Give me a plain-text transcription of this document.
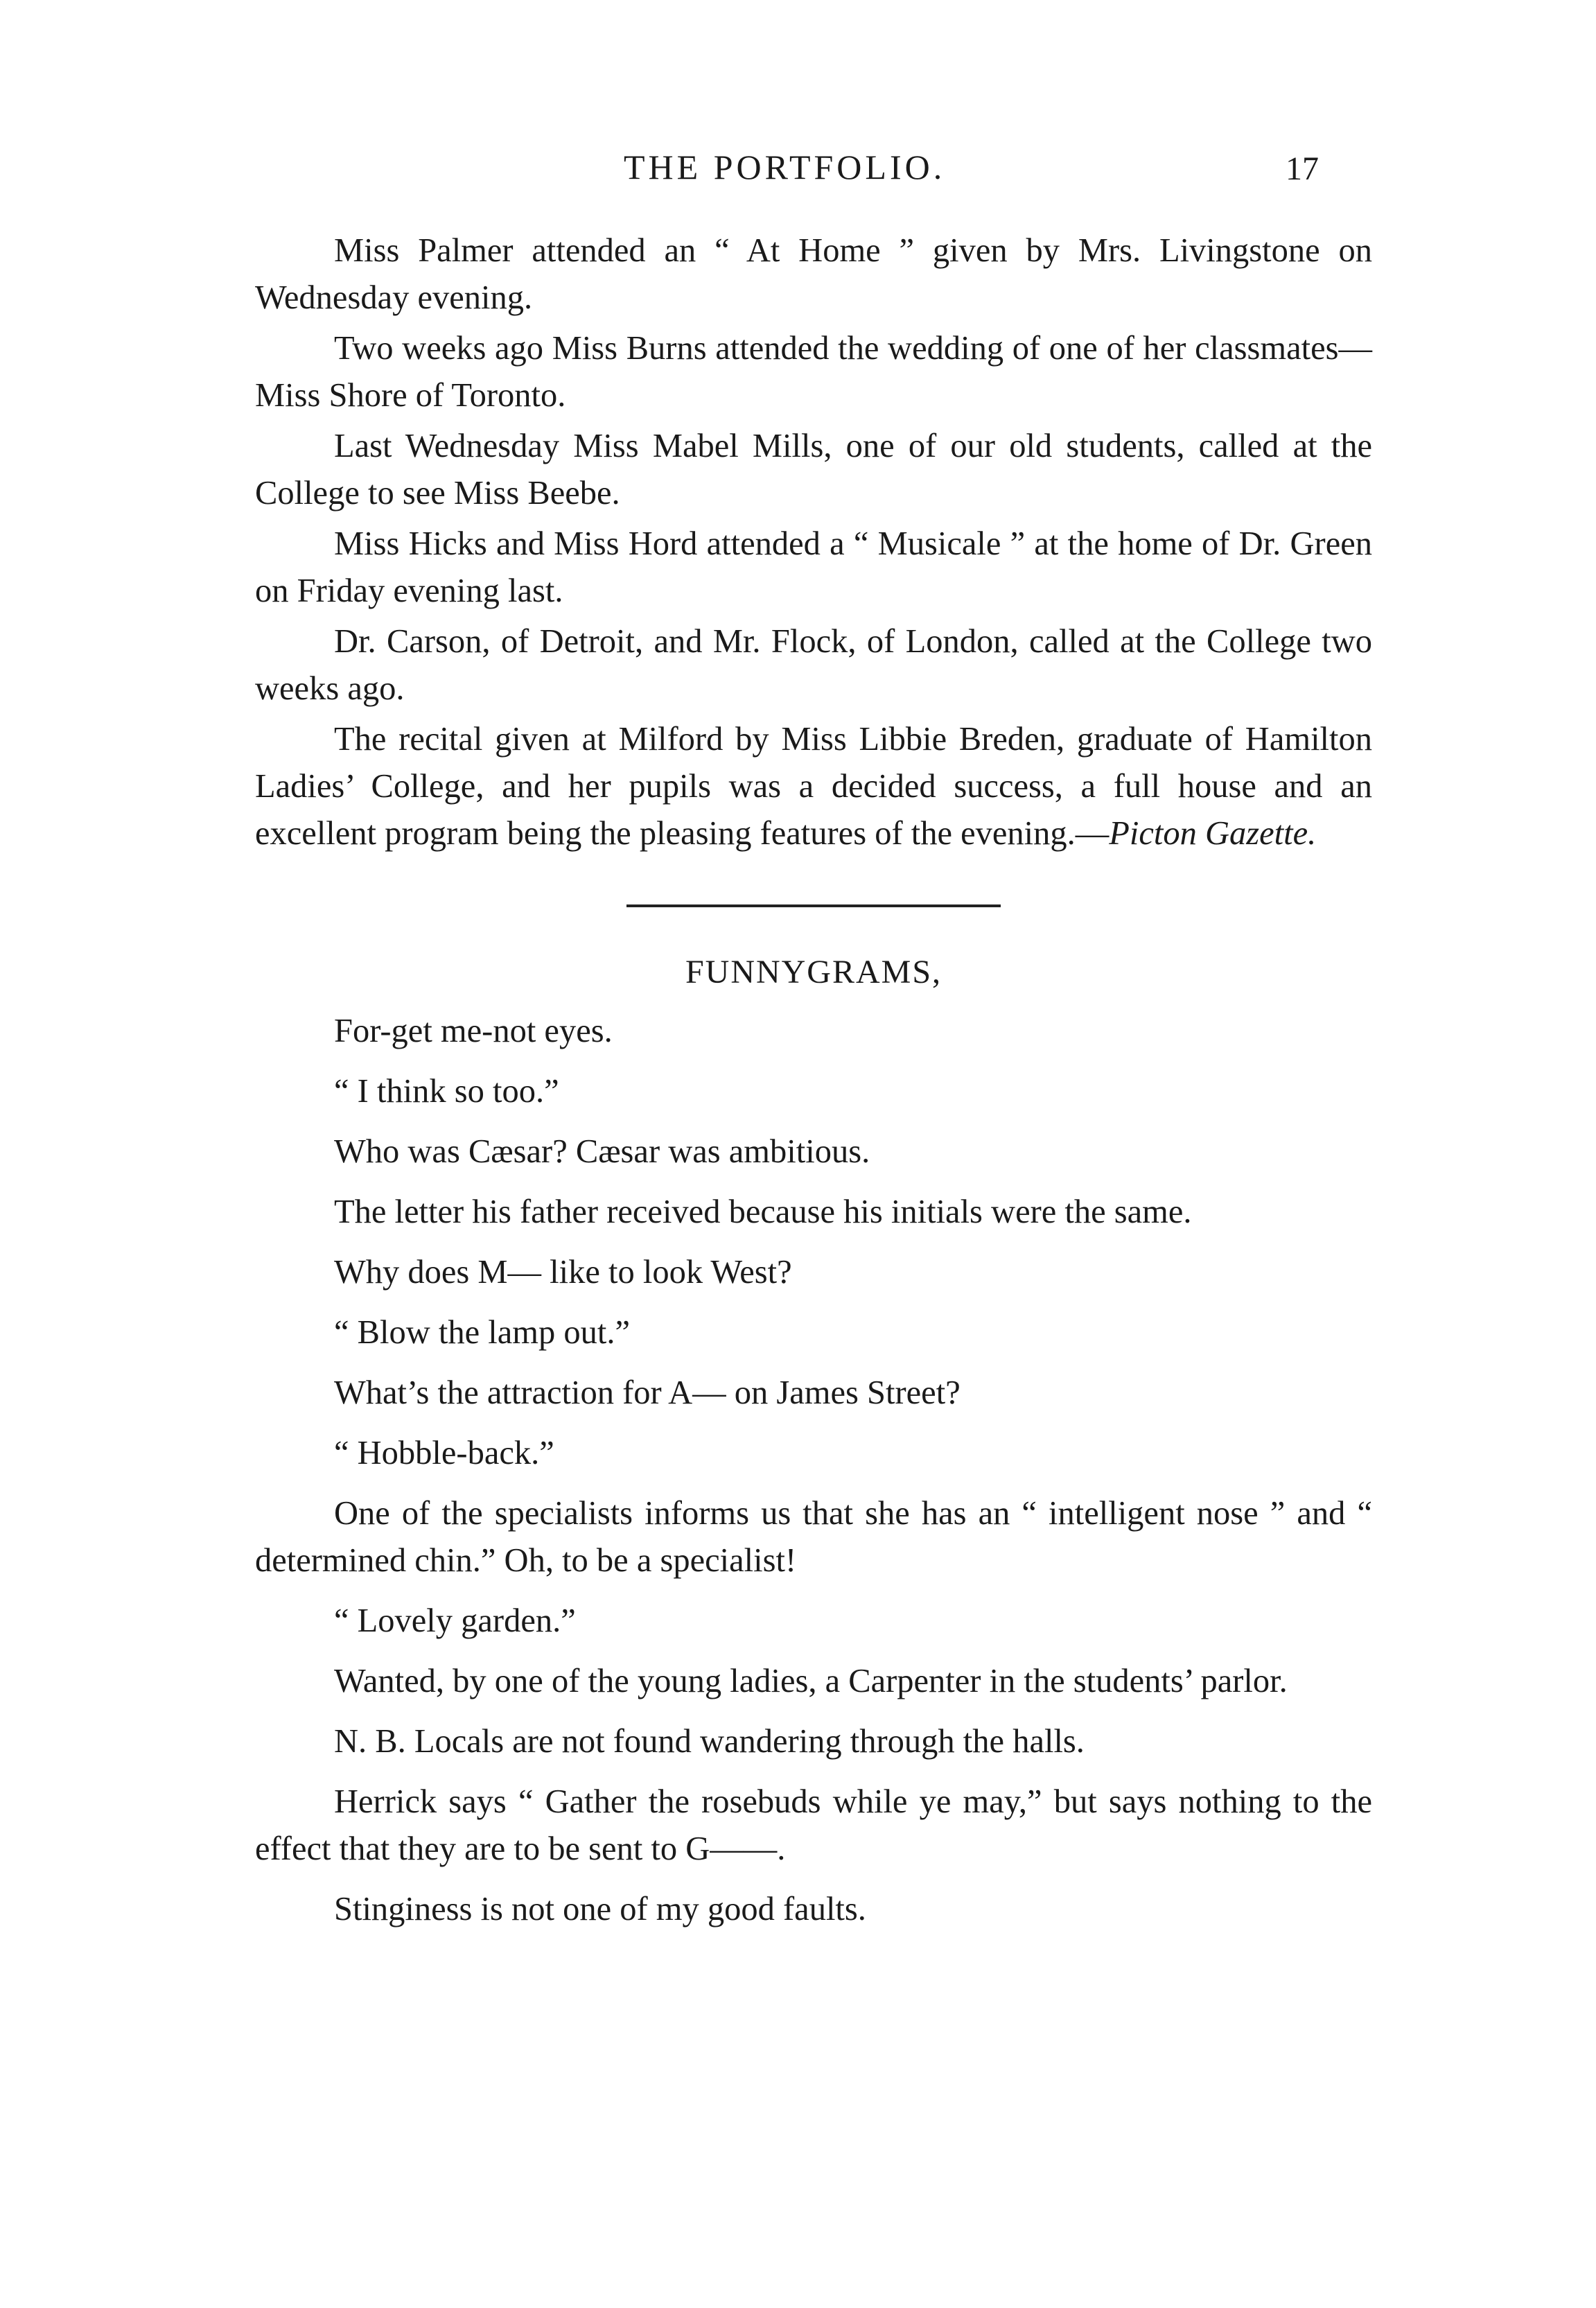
THE PORTFOLIO.	17

Miss Palmer attended an “ At Home ” given by Mrs. Livingstone on Wednesday evening.

Two weeks ago Miss Burns attended the wedding of one of her classmates—Miss Shore of Toronto.

Last Wednesday Miss Mabel Mills, one of our old students, called at the College to see Miss Beebe.

Miss Hicks and Miss Hord attended a “ Musicale ” at the home of Dr. Green on Friday evening last.

Dr. Carson, of Detroit, and Mr. Flock, of London, called at the College two weeks ago.

The recital given at Milford by Miss Libbie Breden, graduate of Hamilton Ladies’ College, and her pupils was a decided success, a full house and an excellent program being the pleasing features of the evening.—Picton Gazette.

FUNNYGRAMS,

For-get me-not eyes.

“ I think so too.”

Who was Cæsar? Cæsar was ambitious.

The letter his father received because his initials were the same.

Why does M— like to look West?

“ Blow the lamp out.”

What’s the attraction for A— on James Street?

“ Hobble-back.”

One of the specialists informs us that she has an “ intelligent nose ” and “ determined chin.” Oh, to be a specialist!

“ Lovely garden.”

Wanted, by one of the young ladies, a Carpenter in the students’ parlor.

N. B. Locals are not found wandering through the halls.

Herrick says “ Gather the rosebuds while ye may,” but says nothing to the effect that they are to be sent to G——.

Stinginess is not one of my good faults.
